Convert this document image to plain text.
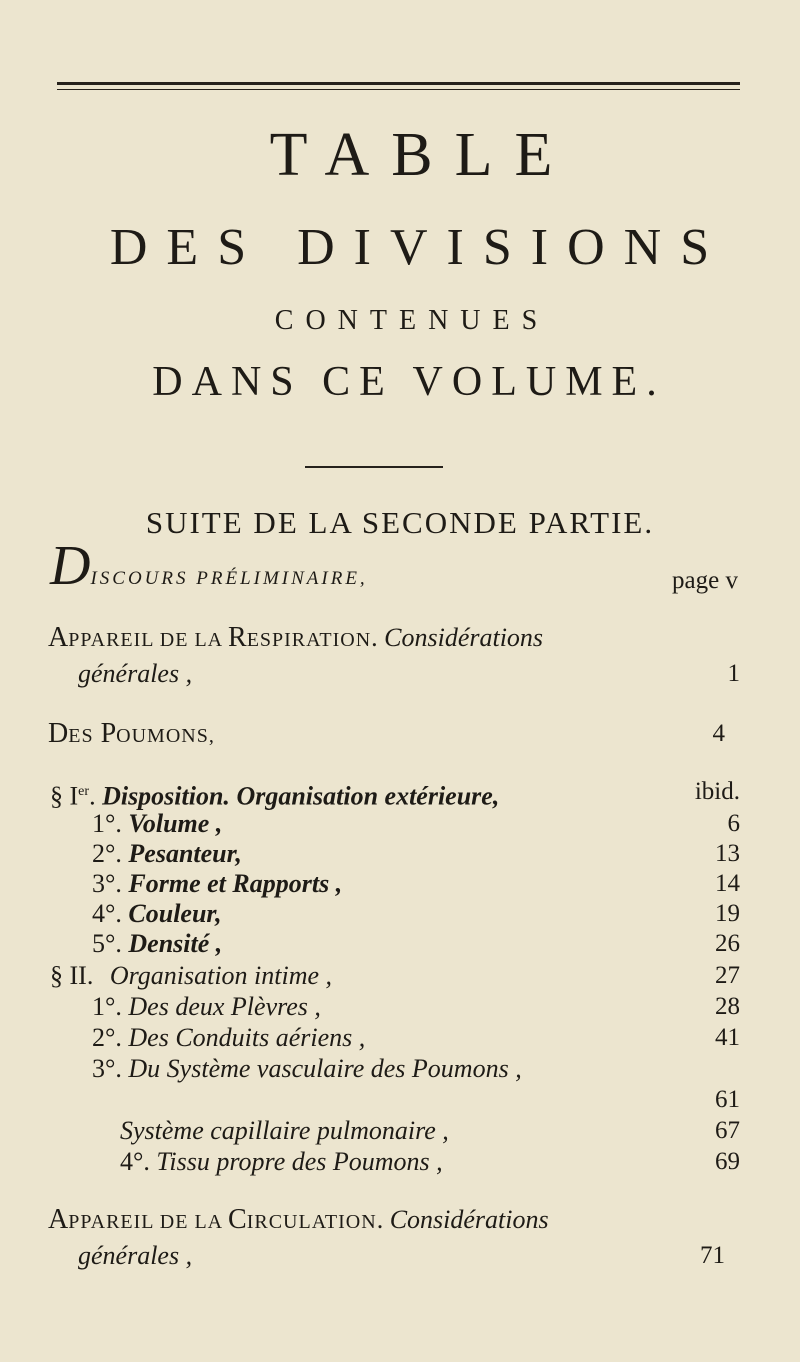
TABLE
DES DIVISIONS
CONTENUES
DANS CE VOLUME.
SUITE DE LA SECONDE PARTIE.
DISCOURS PRÉLIMINAIRE,	page v
APPAREIL DE LA RESPIRATION. Considérations
générales ,	1
DES POUMONS,	4
§ Ier. Disposition. Organisation extérieure,	ibid.
1°. Volume ,	6
2°. Pesanteur,	13
3°. Forme et Rapports ,	14
4°. Couleur,	19
5°. Densité ,	26
§ II. Organisation intime ,	27
1°. Des deux Plèvres ,	28
2°. Des Conduits aériens ,	41
3°. Du Système vasculaire des Poumons ,
61
Système capillaire pulmonaire ,	67
4°. Tissu propre des Poumons ,	69
APPAREIL DE LA CIRCULATION. Considérations
générales ,	71
